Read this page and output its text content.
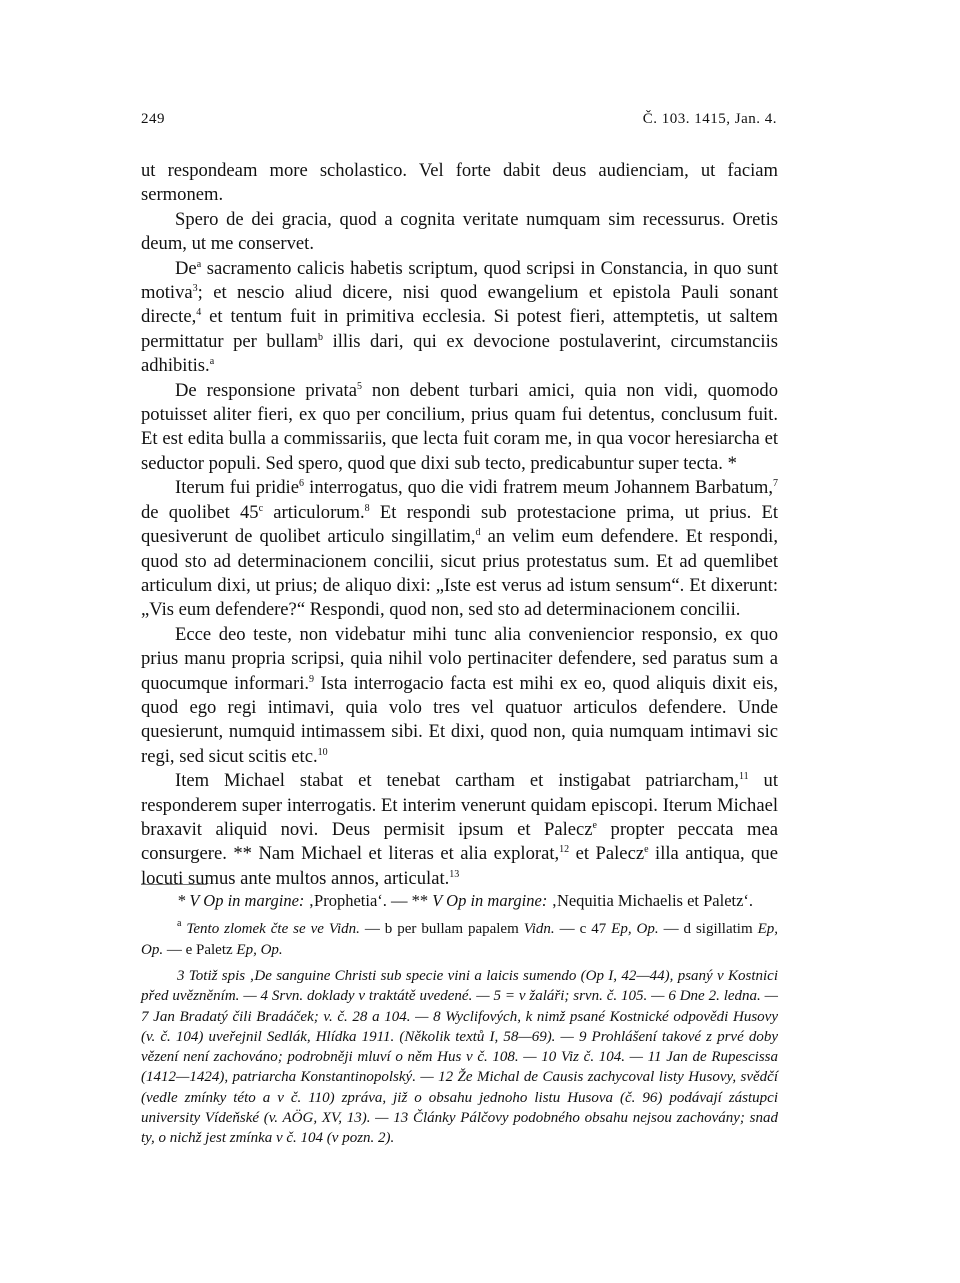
249	Č. 103. 1415, Jan. 4.

ut respondeam more scholastico. Vel forte dabit deus audienciam, ut faciam sermonem.

Spero de dei gracia, quod a cognita veritate numquam sim recessurus. Oretis deum, ut me conservet.

De$^a$ sacramento calicis habetis scriptum, quod scripsi in Constancia, in quo sunt motiva$^3$; et nescio aliud dicere, nisi quod ewangelium et epistola Pauli sonant directe,$^4$ et tentum fuit in primitiva ecclesia. Si potest fieri, attemptetis, ut saltem permittatur per bullam$^b$ illis dari, qui ex devocione postulaverint, circumstanciis adhibitis.$^a$

De responsione privata$^5$ non debent turbari amici, quia non vidi, quomodo potuisset aliter fieri, ex quo per concilium, prius quam fui detentus, conclusum fuit. Et est edita bulla a commissariis, que lecta fuit coram me, in qua vocor heresiarcha et seductor populi. Sed spero, quod que dixi sub tecto, predicabuntur super tecta. *

Iterum fui pridie$^6$ interrogatus, quo die vidi fratrem meum Johannem Barbatum,$^7$ de quolibet 45$^c$ articulorum.$^8$ Et respondi sub protestacione prima, ut prius. Et quesiverunt de quolibet articulo singillatim,$^d$ an velim eum defendere. Et respondi, quod sto ad determinacionem concilii, sicut prius protestatus sum. Et ad quemlibet articulum dixi, ut prius; de aliquo dixi: „Iste est verus ad istum sensum“. Et dixerunt: „Vis eum defendere?“ Respondi, quod non, sed sto ad determinacionem concilii.

Ecce deo teste, non videbatur mihi tunc alia conveniencior responsio, ex quo prius manu propria scripsi, quia nihil volo pertinaciter defendere, sed paratus sum a quocumque informari.$^9$ Ista interrogacio facta est mihi ex eo, quod aliquis dixit eis, quod ego regi intimavi, quia volo tres vel quatuor articulos defendere. Unde quesierunt, numquid intimassem sibi. Et dixi, quod non, quia numquam intimavi sic regi, sed sicut scitis etc.$^{10}$

Item Michael stabat et tenebat cartham et instigabat patriarcham,$^{11}$ ut responderem super interrogatis. Et interim venerunt quidam episcopi. Iterum Michael braxavit aliquid novi. Deus permisit ipsum et Palecz$^e$ propter peccata mea consurgere. ** Nam Michael et literas et alia explorat,$^{12}$ et Palecz$^e$ illa antiqua, que locuti sumus ante multos annos, articulat.$^{13}$

* V Op in margine: ‚Prophetia‘. — ** V Op in margine: ‚Nequitia Michaelis et Paletz‘.

$^a$ Tento zlomek čte se ve Vidn. — b per bullam papalem Vidn. — c 47 Ep, Op. — d sigillatim Ep, Op. — e Paletz Ep, Op.

3 Totiž spis ‚De sanguine Christi sub specie vini a laicis sumendo (Op I, 42—44), psaný v Kostnici před uvězněním. — 4 Srvn. doklady v traktátě uvedené. — 5 = v žaláři; srvn. č. 105. — 6 Dne 2. ledna. — 7 Jan Bradatý čili Bradáček; v. č. 28 a 104. — 8 Wyclifových, k nimž psané Kostnické odpovědi Husovy (v. č. 104) uveřejnil Sedlák, Hlídka 1911. (Několik textů I, 58—69). — 9 Prohlášení takové z prvé doby vězení není zachováno; podrobněji mluví o něm Hus v č. 108. — 10 Viz č. 104. — 11 Jan de Rupescissa (1412—1424), patriarcha Konstantinopolský. — 12 Že Michal de Causis zachycoval listy Husovy, svědčí (vedle zmínky této a v č. 110) zpráva, již o obsahu jednoho listu Husova (č. 96) podávají zástupci university Vídeňské (v. AÖG, XV, 13). — 13 Články Pálčovy podobného obsahu nejsou zachovány; snad ty, o nichž jest zmínka v č. 104 (v pozn. 2).
